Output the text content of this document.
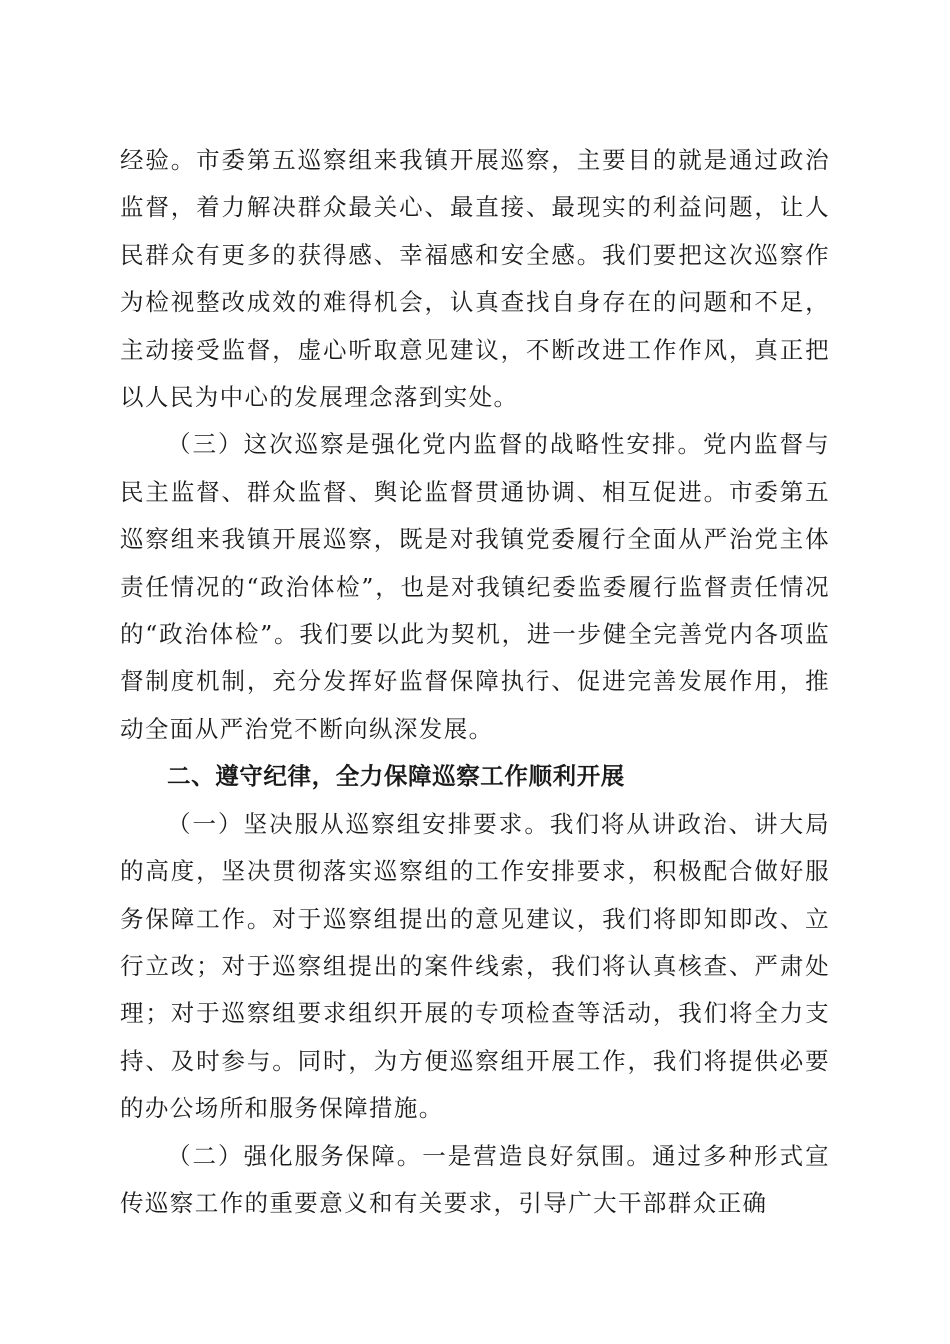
经验。市委第五巡察组来我镇开展巡察，主要目的就是通过政治监督，着力解决群众最关心、最直接、最现实的利益问题，让人民群众有更多的获得感、幸福感和安全感。我们要把这次巡察作为检视整改成效的难得机会，认真查找自身存在的问题和不足，主动接受监督，虚心听取意见建议，不断改进工作作风，真正把以人民为中心的发展理念落到实处。

（三）这次巡察是强化党内监督的战略性安排。党内监督与民主监督、群众监督、舆论监督贯通协调、相互促进。市委第五巡察组来我镇开展巡察，既是对我镇党委履行全面从严治党主体责任情况的“政治体检”，也是对我镇纪委监委履行监督责任情况的“政治体检”。我们要以此为契机，进一步健全完善党内各项监督制度机制，充分发挥好监督保障执行、促进完善发展作用，推动全面从严治党不断向纵深发展。

二、遵守纪律，全力保障巡察工作顺利开展

（一）坚决服从巡察组安排要求。我们将从讲政治、讲大局的高度，坚决贯彻落实巡察组的工作安排要求，积极配合做好服务保障工作。对于巡察组提出的意见建议，我们将即知即改、立行立改；对于巡察组提出的案件线索，我们将认真核查、严肃处理；对于巡察组要求组织开展的专项检查等活动，我们将全力支持、及时参与。同时，为方便巡察组开展工作，我们将提供必要的办公场所和服务保障措施。

（二）强化服务保障。一是营造良好氛围。通过多种形式宣传巡察工作的重要意义和有关要求，引导广大干部群众正确
